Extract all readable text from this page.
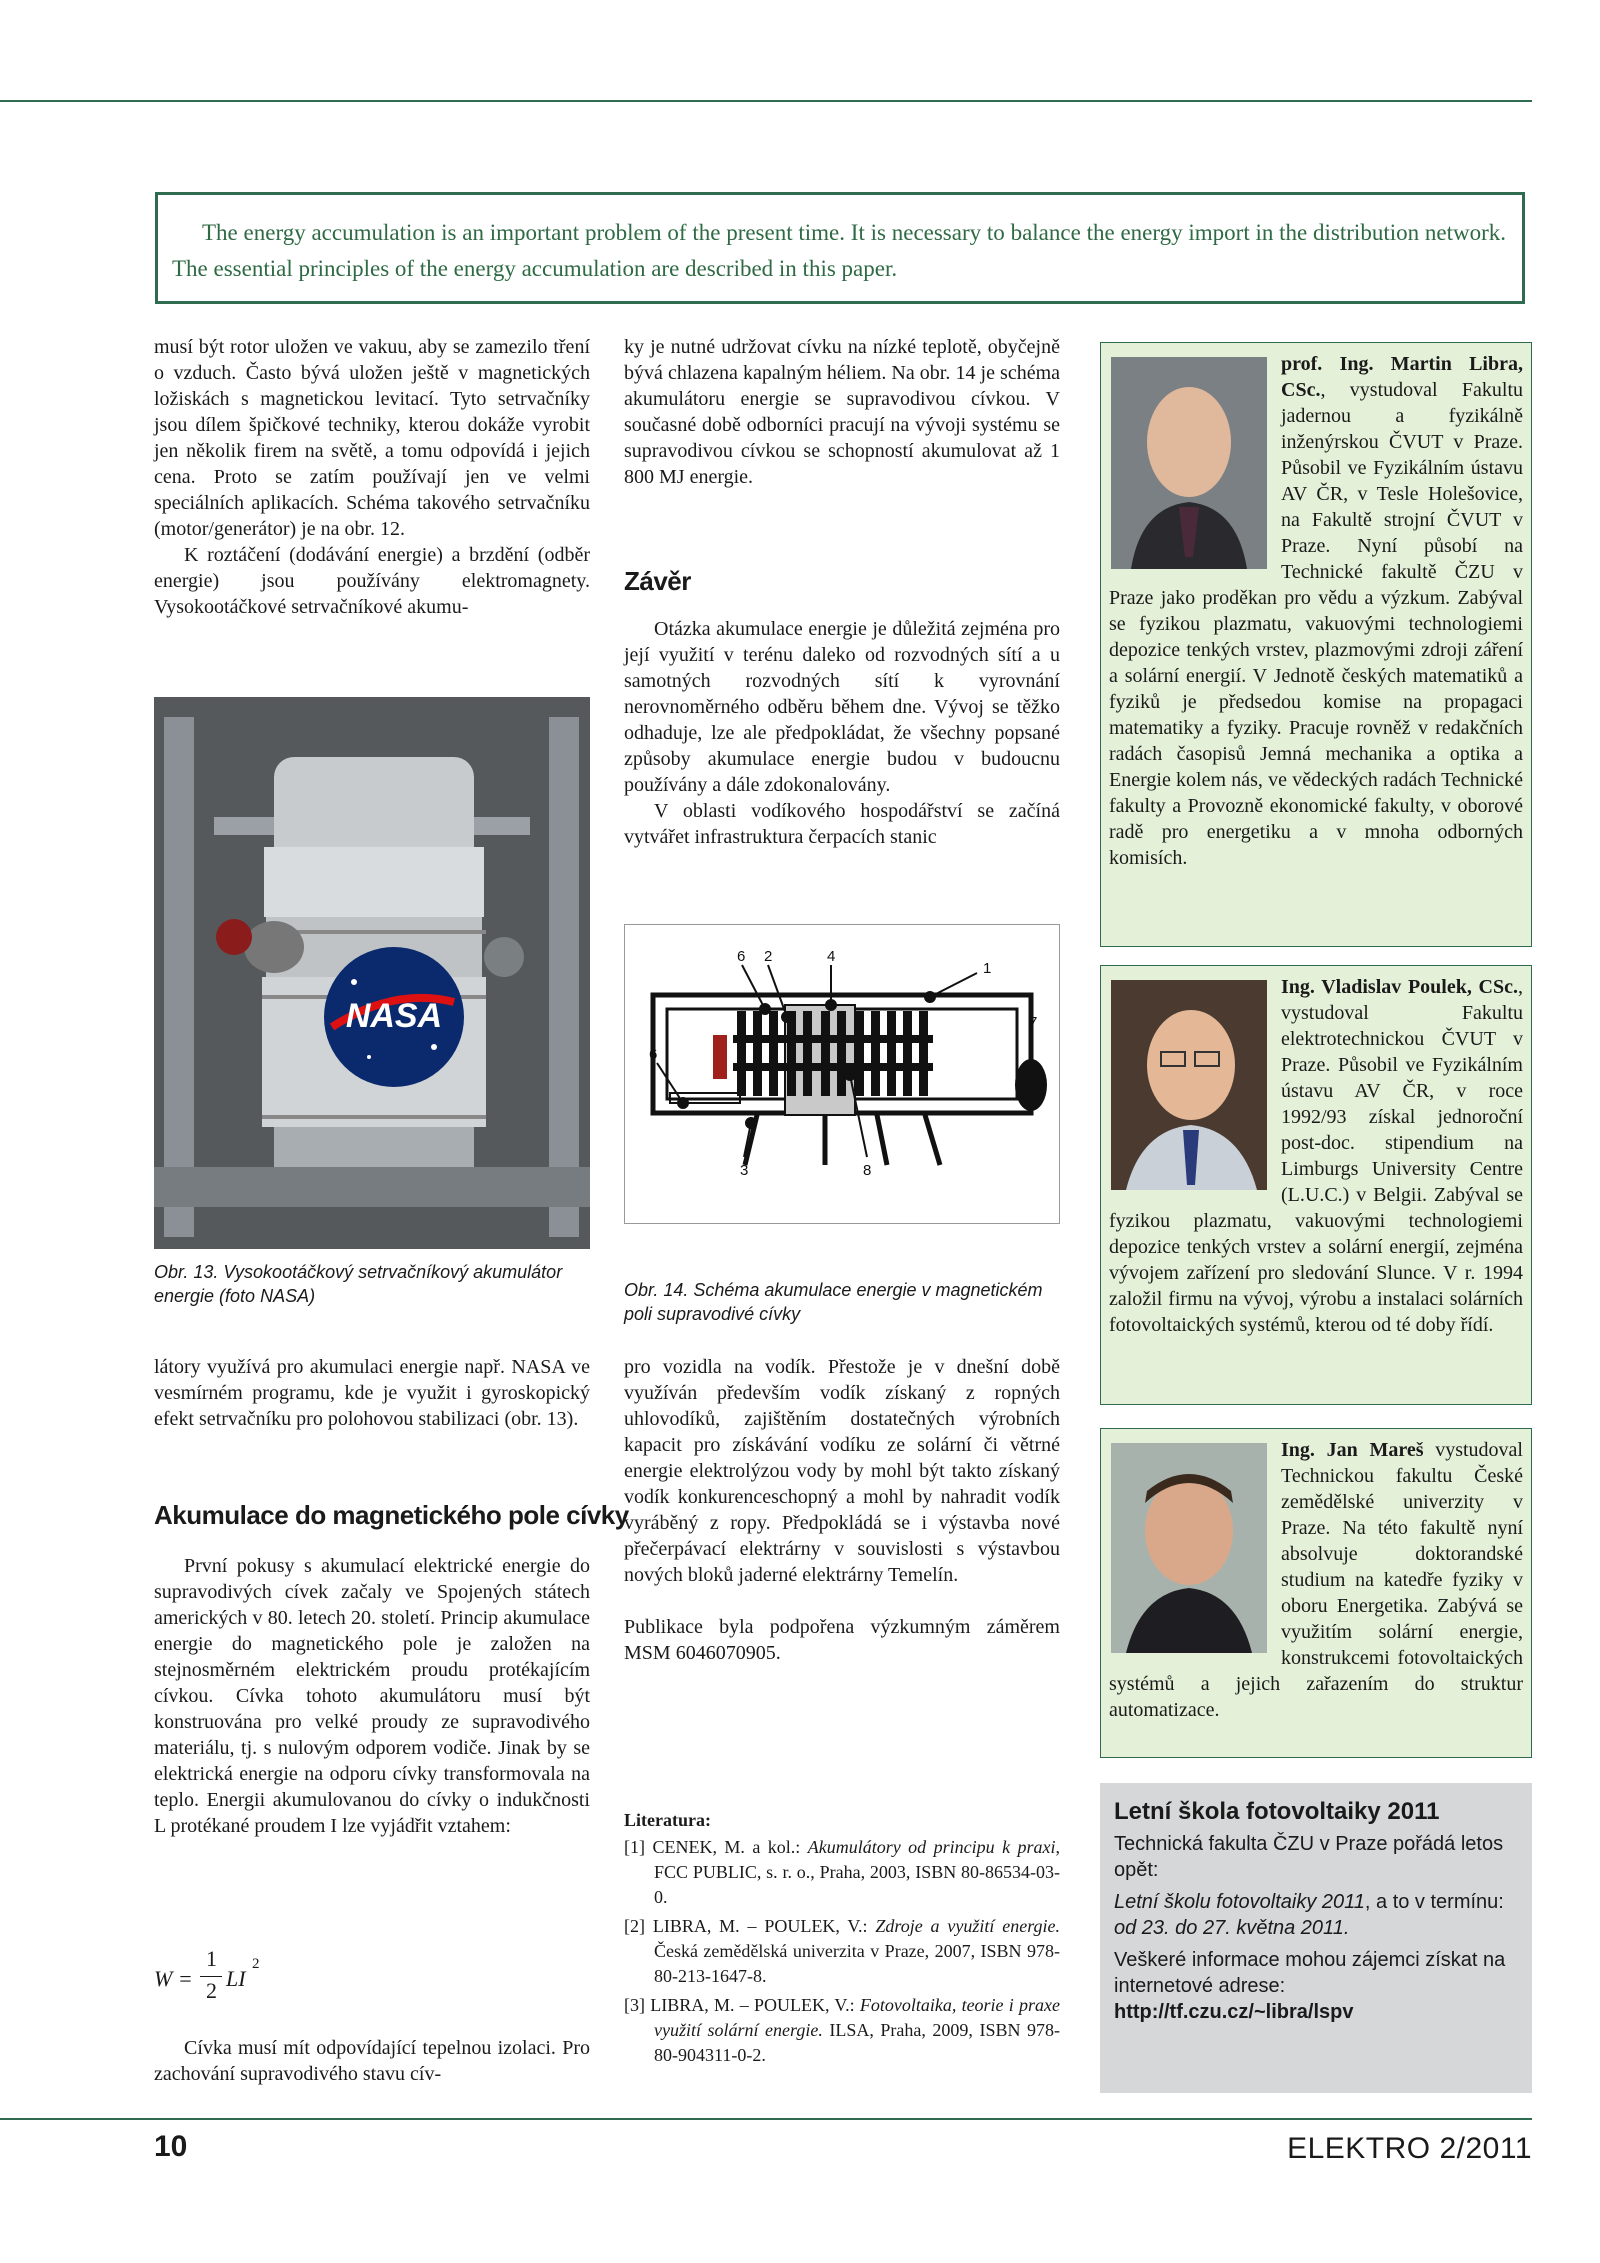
The energy accumulation is an important problem of the present time. It is necessary to balance the energy import in the distribution network. The essential principles of the energy accumulation are described in this paper.

musí být rotor uložen ve vakuu, aby se zamezilo tření o vzduch. Často bývá uložen ještě v magnetických ložiskách s magnetickou levitací. Tyto setrvačníky jsou dílem špičkové techniky, kterou dokáže vyrobit jen několik firem na světě, a tomu odpovídá i jejich cena. Proto se zatím používají jen ve velmi speciálních aplikacích. Schéma takového setrvačníku (motor/generátor) je na obr. 12.

K roztáčení (dodávání energie) a brzdění (odběr energie) jsou používány elektromagnety. Vysokootáčkové setrvačníkové akumu-

NASA
Obr. 13. Vysokootáčkový setrvačníkový akumulátor energie (foto NASA)

látory využívá pro akumulaci energie např. NASA ve vesmírném programu, kde je využit i gyroskopický efekt setrvačníku pro polohovou stabilizaci (obr. 13).

Akumulace do magnetického pole cívky

První pokusy s akumulací elektrické energie do supravodivých cívek začaly ve Spojených státech amerických v 80. letech 20. století. Princip akumulace energie do magnetického pole je založen na stejnosměrném elektrickém proudu protékajícím cívkou. Cívka tohoto akumulátoru musí být konstruována pro velké proudy ze supravodivého materiálu, tj. s nulovým odporem vodiče. Jinak by se elektrická energie na odporu cívky transformovala na teplo. Energii akumulovanou do cívky o indukčnosti L protékané proudem I lze vyjádřit vztahem:

W =
1
2 LI
2

Cívka musí mít odpovídající tepelnou izolaci. Pro zachování supravodivého stavu cív-

ky je nutné udržovat cívku na nízké teplotě, obyčejně bývá chlazena kapalným héliem. Na obr. 14 je schéma akumulátoru energie se supravodivou cívkou. V současné době odborníci pracují na vývoji systému se supravodivou cívkou se schopností akumulovat až 1 800 MJ energie.

Závěr

Otázka akumulace energie je důležitá zejména pro její využití v terénu daleko od rozvodných sítí a u samotných rozvodných sítí k vyrovnání nerovnoměrného odběru během dne. Vývoj se těžko odhaduje, lze ale předpokládat, že všechny popsané způsoby akumulace energie budou v budoucnu používány a dále zdokonalovány.

V oblasti vodíkového hospodářství se začíná vytvářet infrastruktura čerpacích stanic

6 2	4
1
7
6
3	8
Obr. 14. Schéma akumulace energie v magnetickém poli supravodivé cívky

pro vozidla na vodík. Přestože je v dnešní době využíván především vodík získaný z ropných uhlovodíků, zajištěním dostatečných výrobních kapacit pro získávání vodíku ze solární či větrné energie elektrolýzou vody by mohl být takto získaný vodík konkurenceschopný a mohl by nahradit vodík vyráběný z ropy. Předpokládá se i výstavba nové přečerpávací elektrárny v souvislosti s výstavbou nových bloků jaderné elektrárny Temelín.

Publikace byla podpořena výzkumným záměrem MSM 6046070905.

Literatura:
[1] CENEK, M. a kol.: Akumulátory od principu k praxi, FCC PUBLIC, s. r. o., Praha, 2003, ISBN 80-86534-03-0.
[2] LIBRA, M. – POULEK, V.: Zdroje a využití energie. Česká zemědělská univerzita v Praze, 2007, ISBN 978-80-213-1647-8.
[3] LIBRA, M. – POULEK, V.: Fotovoltaika, teorie i praxe využití solární energie. ILSA, Praha, 2009, ISBN 978-80-904311-0-2.
prof. Ing. Martin Libra, CSc., vystudoval Fakultu jadernou a fyzikálně inženýrskou ČVUT v Praze. Působil ve Fyzikálním ústavu AV ČR, v Tesle Holešovice, na Fakultě strojní ČVUT v Praze. Nyní působí na Technické fakultě ČZU v Praze jako proděkan pro vědu a výzkum. Zabýval se fyzikou plazmatu, vakuovými technologiemi depozice tenkých vrstev, plazmovými zdroji záření a solární energií. V Jednotě českých matematiků a fyziků je předsedou komise na propagaci matematiky a fyziky. Pracuje rovněž v redakčních radách časopisů Jemná mechanika a optika a Energie kolem nás, ve vědeckých radách Technické fakulty a Provozně ekonomické fakulty, v oborové radě pro energetiku a v mnoha odborných komisích.
Ing. Vladislav Poulek, CSc., vystudoval Fakultu elektrotechnickou ČVUT v Praze. Působil ve Fyzikálním ústavu AV ČR, v roce 1992/93 získal jednoroční post-doc. stipendium na Limburgs University Centre (L.U.C.) v Belgii. Zabýval se fyzikou plazmatu, vakuovými technologiemi depozice tenkých vrstev a solární energií, zejména vývojem zařízení pro sledování Slunce. V r. 1994 založil firmu na vývoj, výrobu a instalaci solárních fotovoltaických systémů, kterou od té doby řídí.
Ing. Jan Mareš vystudoval Technickou fakultu České zemědělské univerzity v Praze. Na této fakultě nyní absolvuje doktorandské studium na katedře fyziky v oboru Energetika. Zabývá se využitím solární energie, konstrukcemi fotovoltaických systémů a jejich zařazením do struktur automatizace.
Letní škola fotovoltaiky 2011
Technická fakulta ČZU v Praze pořádá letos opět:
Letní školu fotovoltaiky 2011, a to v termínu:
od 23. do 27. května 2011.
Veškeré informace mohou zájemci získat na internetové adrese:
http://tf.czu.cz/~libra/lspv
10	ELEKTRO 2/2011
